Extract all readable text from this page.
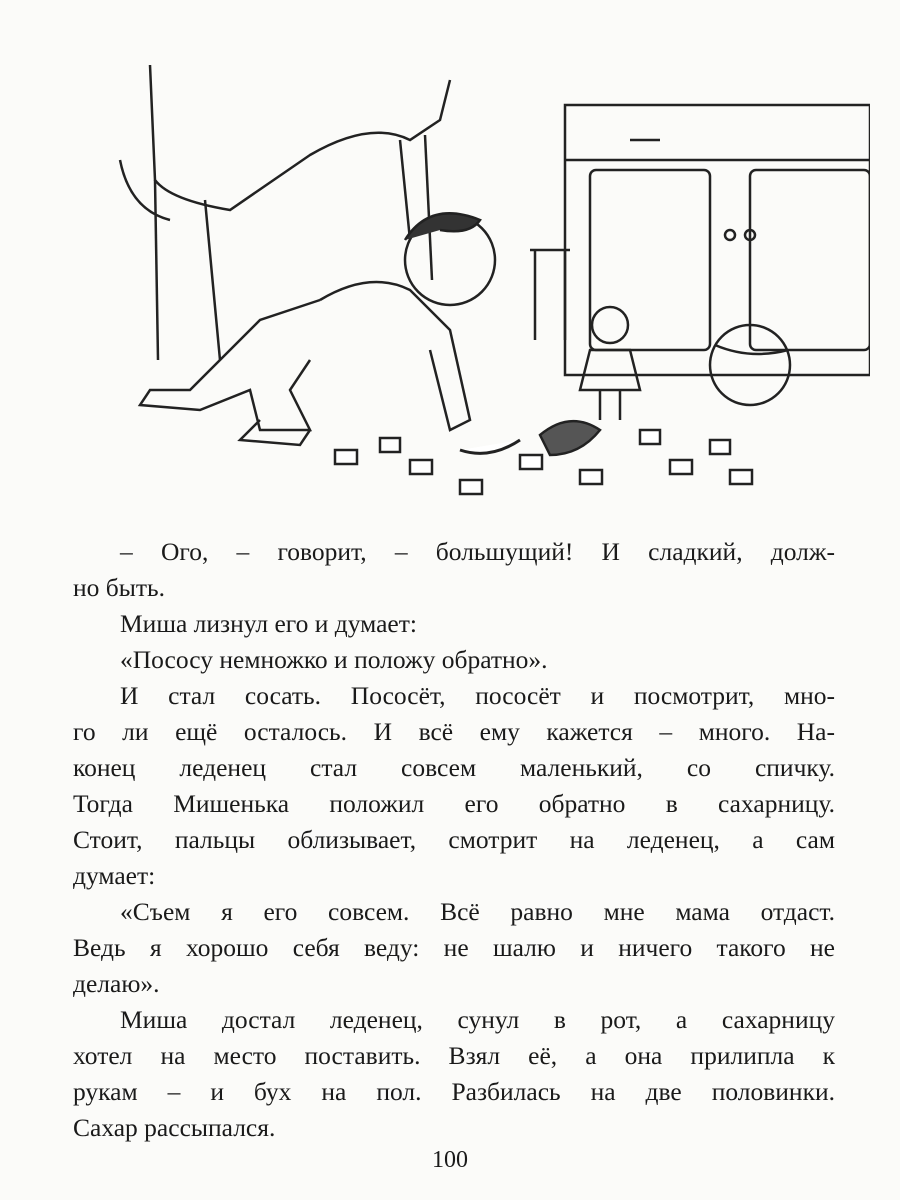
– Ого, – говорит, – большущий! И сладкий, долж-
но быть.
Миша лизнул его и думает:
«Пососу немножко и положу обратно».
И стал сосать. Пососёт, пососёт и посмотрит, мно-
го ли ещё осталось. И всё ему кажется – много. На-
конец леденец стал совсем маленький, со спичку.
Тогда Мишенька положил его обратно в сахарницу.
Стоит, пальцы облизывает, смотрит на леденец, а сам
думает:
«Съем я его совсем. Всё равно мне мама отдаст.
Ведь я хорошо себя веду: не шалю и ничего такого не
делаю».
Миша достал леденец, сунул в рот, а сахарницу
хотел на место поставить. Взял её, а она прилипла к
рукам – и бух на пол. Разбилась на две половинки.
Сахар рассыпался.
100
